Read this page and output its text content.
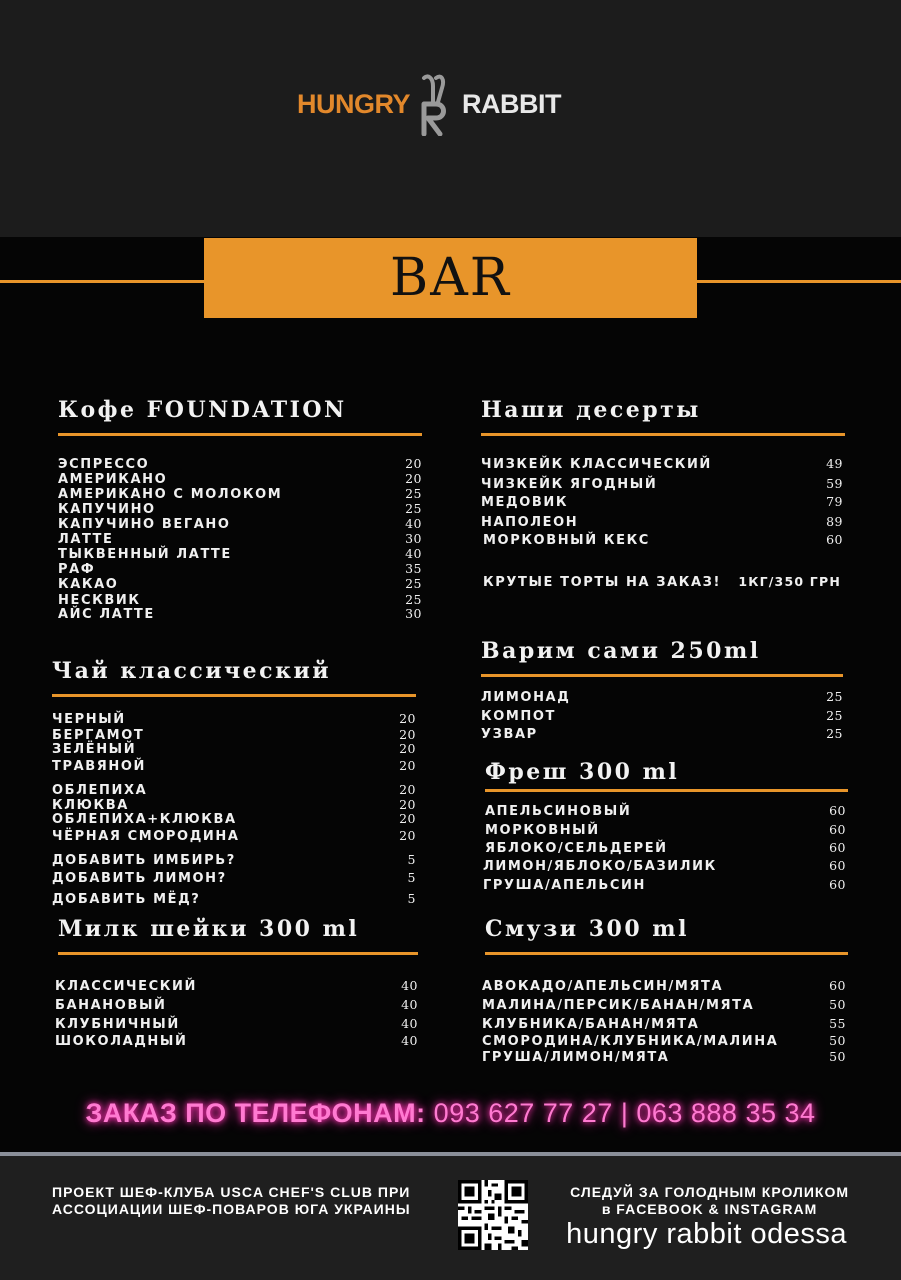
HUNGRY RABBIT
BAR
Кофе FOUNDATION
ЭСПРЕССО	20
АМЕРИКАНО	20
АМЕРИКАНО С МОЛОКОМ	25
КАПУЧИНО	25
КАПУЧИНО ВЕГАНО	40
ЛАТТЕ	30
ТЫКВЕННЫЙ ЛАТТЕ	40
РАФ	35
КАКАО	25
НЕСКВИК	25
АЙС ЛАТТЕ	30
Чай классический
ЧЕРНЫЙ	20
БЕРГАМОТ	20
ЗЕЛЁНЫЙ	20
ТРАВЯНОЙ	20
ОБЛЕПИХА	20
КЛЮКВА	20
ОБЛЕПИХА+КЛЮКВА	20
ЧЁРНАЯ СМОРОДИНА	20
ДОБАВИТЬ ИМБИРЬ?	5
ДОБАВИТЬ ЛИМОН?	5
ДОБАВИТЬ МЁД?	5
Милк шейки 300 ml
КЛАССИЧЕСКИЙ	40
БАНАНОВЫЙ	40
КЛУБНИЧНЫЙ	40
ШОКОЛАДНЫЙ	40
Наши десерты
ЧИЗКЕЙК КЛАССИЧЕСКИЙ	49
ЧИЗКЕЙК ЯГОДНЫЙ	59
МЕДОВИК	79
НАПОЛЕОН	89
МОРКОВНЫЙ КЕКС	60
КРУТЫЕ ТОРТЫ НА ЗАКАЗ! 1КГ/350 ГРН
Варим сами 250ml
ЛИМОНАД	25
КОМПОТ	25
УЗВАР	25
Фреш 300 ml
АПЕЛЬСИНОВЫЙ	60
МОРКОВНЫЙ	60
ЯБЛОКО/СЕЛЬДЕРЕЙ	60
ЛИМОН/ЯБЛОКО/БАЗИЛИК	60
ГРУША/АПЕЛЬСИН	60
Смузи 300 ml
АВОКАДО/АПЕЛЬСИН/МЯТА	60
МАЛИНА/ПЕРСИК/БАНАН/МЯТА	50
КЛУБНИКА/БАНАН/МЯТА	55
СМОРОДИНА/КЛУБНИКА/МАЛИНА	50
ГРУША/ЛИМОН/МЯТА	50
ЗАКАЗ ПО ТЕЛЕФОНАМ: 093 627 77 27 | 063 888 35 34
ПРОЕКТ ШЕФ-КЛУБА USCA CHEF'S CLUB ПРИ
АССОЦИАЦИИ ШЕФ-ПОВАРОВ ЮГА УКРАИНЫ
СЛЕДУЙ ЗА ГОЛОДНЫМ КРОЛИКОМ
в FACEBOOK & INSTAGRAM
hungry rabbit odessa
